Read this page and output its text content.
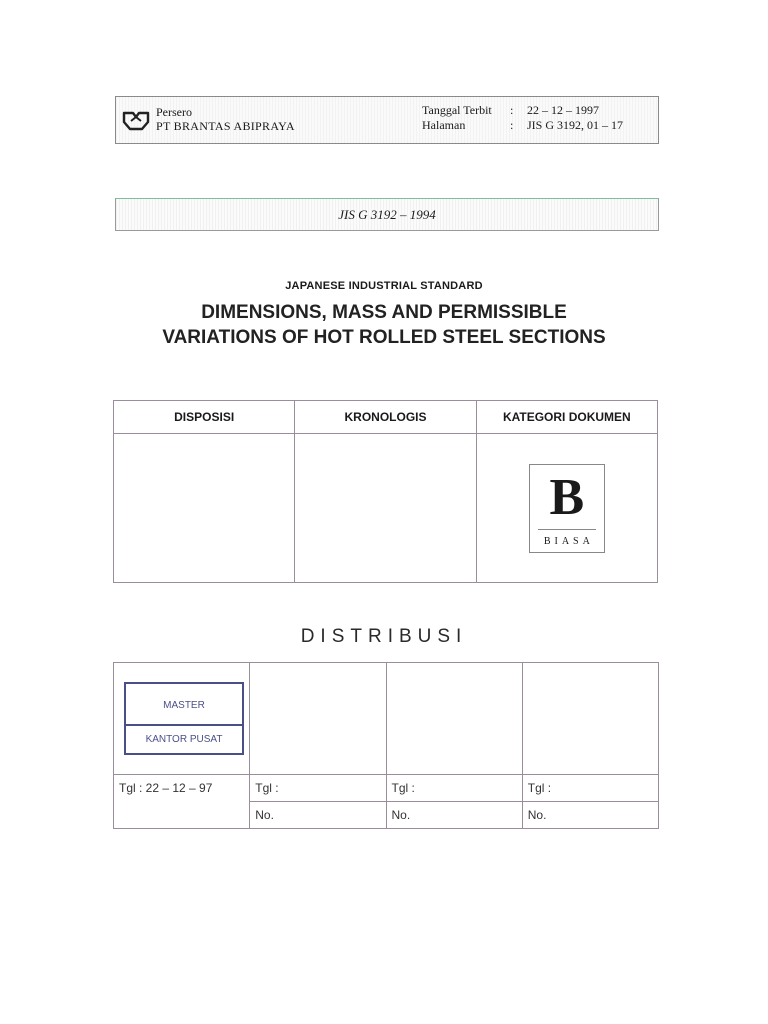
Persero
PT BRANTAS ABIPRAYA
Tanggal Terbit	:	22 – 12 – 1997
Halaman	:	JIS G 3192, 01 – 17
JIS G 3192 – 1994
JAPANESE INDUSTRIAL STANDARD
DIMENSIONS, MASS AND PERMISSIBLE
VARIATIONS OF HOT ROLLED STEEL SECTIONS
DISPOSISI	KRONOLOGIS	KATEGORI DOKUMEN

		B
BIASA
DISTRIBUSI
MASTER
KANTOR PUSAT			

Tgl : 22 – 12 – 97	Tgl :	Tgl :	Tgl :
	No.	No.	No.
